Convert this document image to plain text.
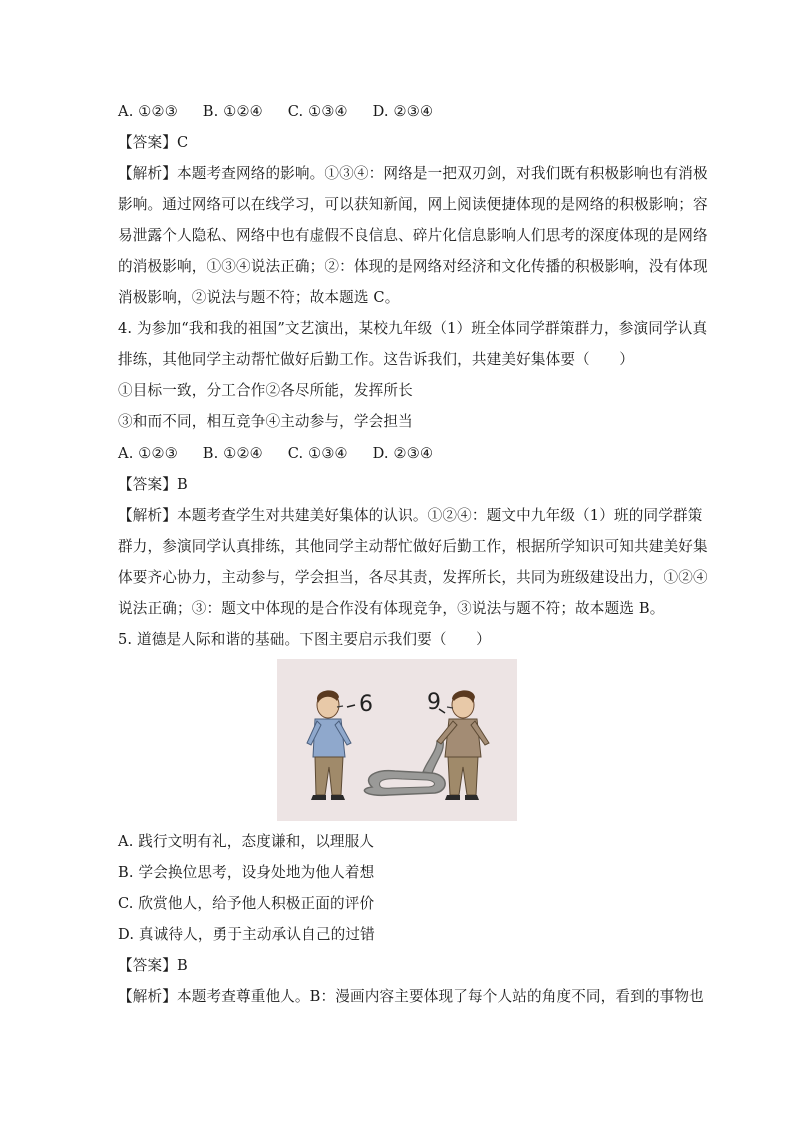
A. ①②③ B. ①②④ C. ①③④ D. ②③④
【答案】C
【解析】本题考查网络的影响。①③④：网络是一把双刃剑，对我们既有积极影响也有消极
影响。通过网络可以在线学习，可以获知新闻，网上阅读便捷体现的是网络的积极影响；容
易泄露个人隐私、网络中也有虚假不良信息、碎片化信息影响人们思考的深度体现的是网络
的消极影响，①③④说法正确；②：体现的是网络对经济和文化传播的积极影响，没有体现
消极影响，②说法与题不符；故本题选 C。
4. 为参加“我和我的祖国”文艺演出，某校九年级（1）班全体同学群策群力，参演同学认真
排练，其他同学主动帮忙做好后勤工作。这告诉我们，共建美好集体要（　　）
①目标一致，分工合作②各尽所能，发挥所长
③和而不同，相互竞争④主动参与，学会担当
A. ①②③ B. ①②④ C. ①③④ D. ②③④
【答案】B
【解析】本题考查学生对共建美好集体的认识。①②④：题文中九年级（1）班的同学群策
群力，参演同学认真排练，其他同学主动帮忙做好后勤工作，根据所学知识可知共建美好集
体要齐心协力，主动参与，学会担当，各尽其责，发挥所长，共同为班级建设出力，①②④
说法正确；③：题文中体现的是合作没有体现竞争，③说法与题不符；故本题选 B。
5. 道德是人际和谐的基础。下图主要启示我们要（　　）
6 9
A. 践行文明有礼，态度谦和，以理服人
B. 学会换位思考，设身处地为他人着想
C. 欣赏他人，给予他人积极正面的评价
D. 真诚待人，勇于主动承认自己的过错
【答案】B
【解析】本题考查尊重他人。B：漫画内容主要体现了每个人站的角度不同，看到的事物也
